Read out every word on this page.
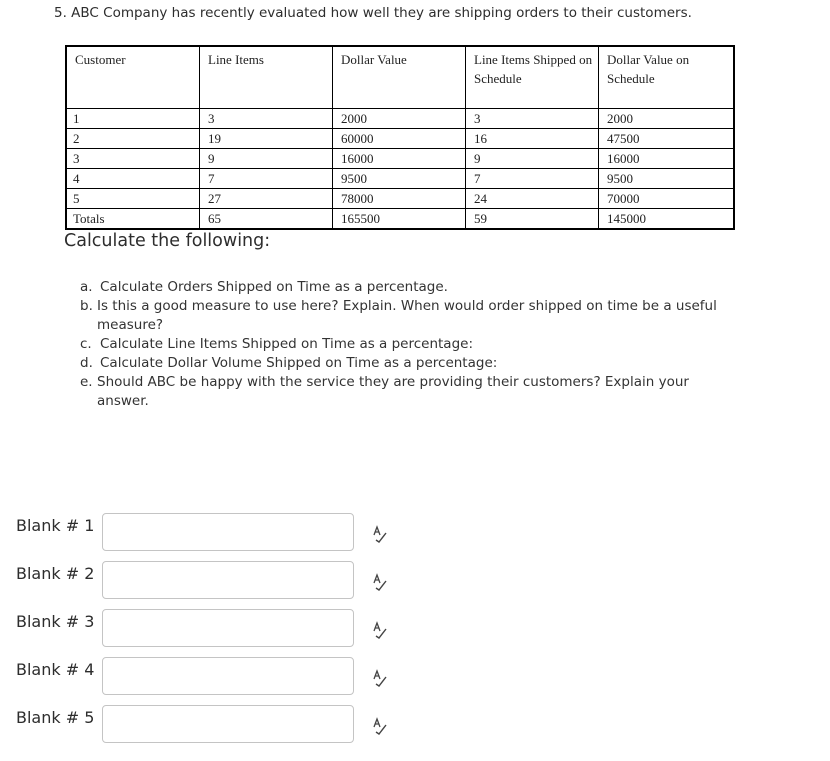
5. ABC Company has recently evaluated how well they are shipping orders to their customers.
Customer	Line Items	Dollar Value	Line Items Shipped on Schedule	Dollar Value on Schedule
1	3	2000	3	2000
2	19	60000	16	47500
3	9	16000	9	16000
4	7	9500	7	9500
5	27	78000	24	70000
Totals	65	165500	59	145000
Calculate the following:
a. Calculate Orders Shipped on Time as a percentage.
b. Is this a good measure to use here? Explain. When would order shipped on time be a useful measure?
c. Calculate Line Items Shipped on Time as a percentage:
d. Calculate Dollar Volume Shipped on Time as a percentage:
e. Should ABC be happy with the service they are providing their customers? Explain your answer.
Blank # 1
Blank # 2
Blank # 3
Blank # 4
Blank # 5
